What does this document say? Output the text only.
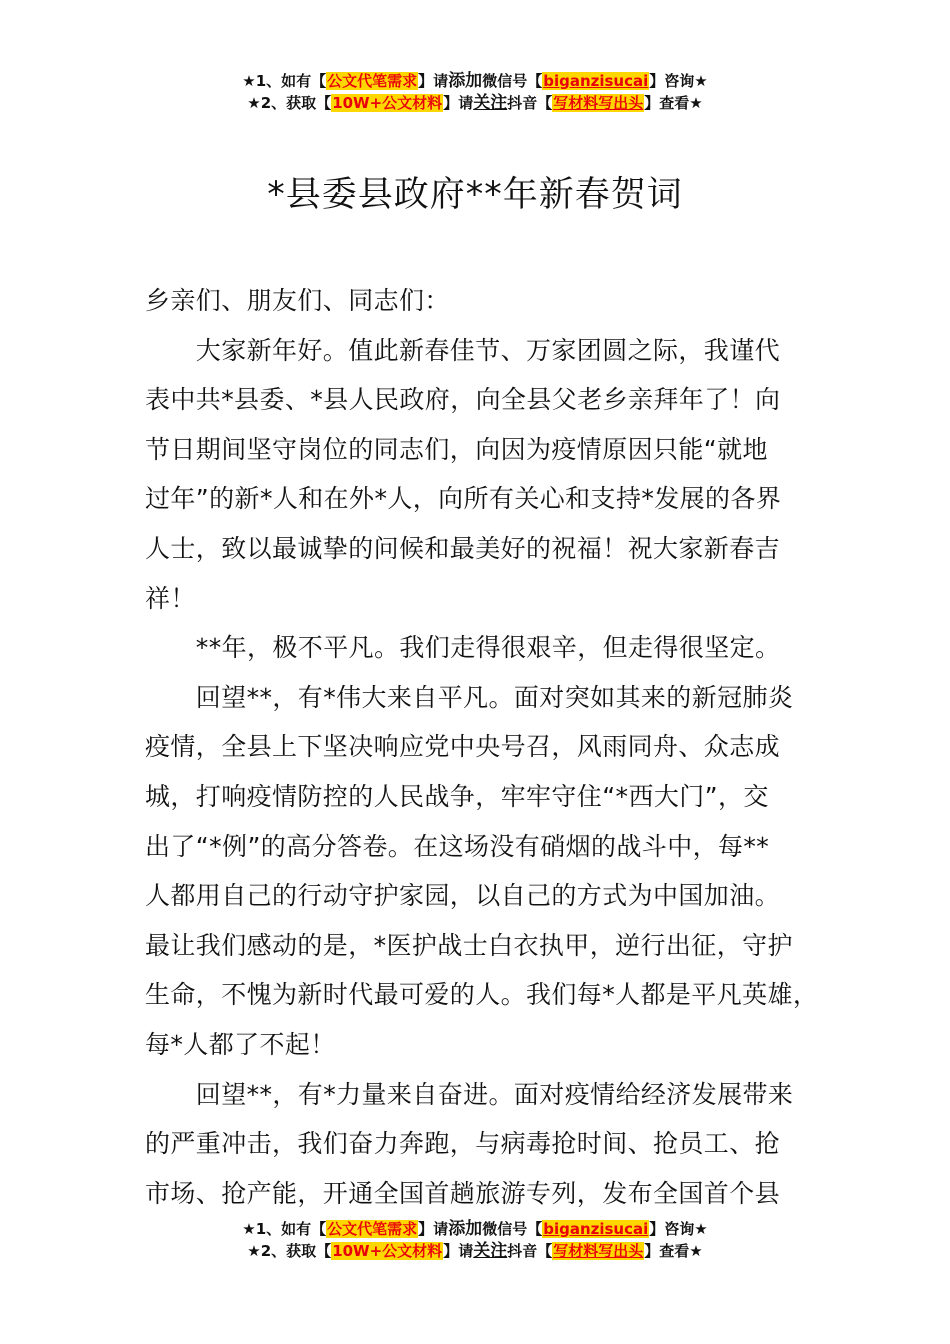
★1、如有【公文代笔需求】请添加微信号【biganzisucai】咨询★
★2、获取【10W+公文材料】请关注抖音【写材料写出头】查看★
*县委县政府**年新春贺词
乡亲们、朋友们、同志们：
　　大家新年好。值此新春佳节、万家团圆之际，我谨代
表中共*县委、*县人民政府，向全县父老乡亲拜年了！向
节日期间坚守岗位的同志们，向因为疫情原因只能“就地
过年”的新*人和在外*人，向所有关心和支持*发展的各界
人士，致以最诚挚的问候和最美好的祝福！祝大家新春吉
祥！
　　**年，极不平凡。我们走得很艰辛，但走得很坚定。
　　回望**，有*伟大来自平凡。面对突如其来的新冠肺炎
疫情，全县上下坚决响应党中央号召，风雨同舟、众志成
城，打响疫情防控的人民战争，牢牢守住“*西大门”，交
出了“*例”的高分答卷。在这场没有硝烟的战斗中，每**
人都用自己的行动守护家园，以自己的方式为中国加油。
最让我们感动的是，*医护战士白衣执甲，逆行出征，守护
生命，不愧为新时代最可爱的人。我们每*人都是平凡英雄，
每*人都了不起！
　　回望**，有*力量来自奋进。面对疫情给经济发展带来
的严重冲击，我们奋力奔跑，与病毒抢时间、抢员工、抢
市场、抢产能，开通全国首趟旅游专列，发布全国首个县
★1、如有【公文代笔需求】请添加微信号【biganzisucai】咨询★
★2、获取【10W+公文材料】请关注抖音【写材料写出头】查看★
